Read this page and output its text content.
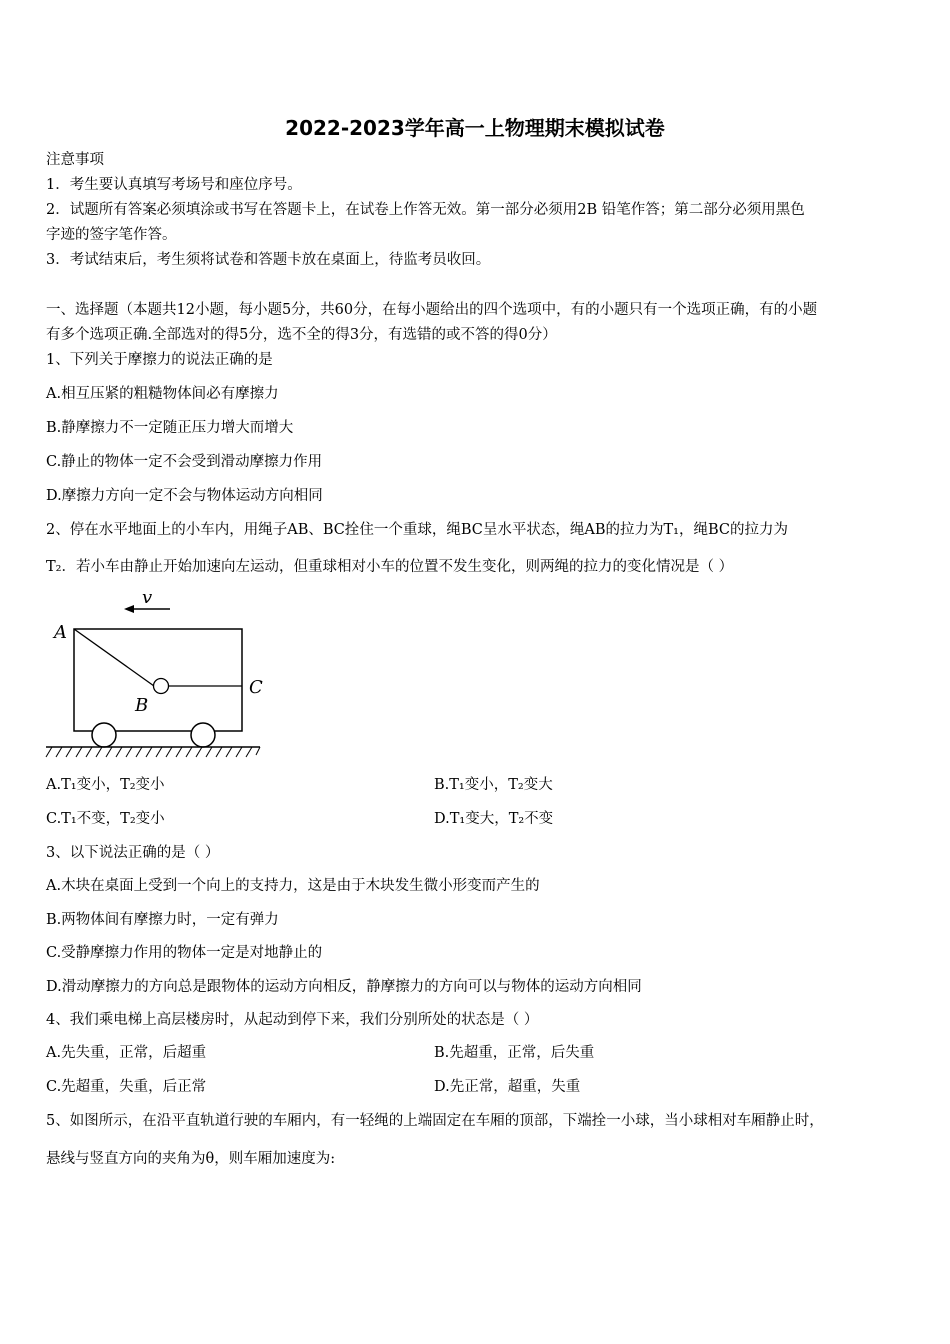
2022-2023学年高一上物理期末模拟试卷
注意事项
1．考生要认真填写考场号和座位序号。
2．试题所有答案必须填涂或书写在答题卡上，在试卷上作答无效。第一部分必须用2B 铅笔作答；第二部分必须用黑色
字迹的签字笔作答。
3．考试结束后，考生须将试卷和答题卡放在桌面上，待监考员收回。
一、选择题（本题共12小题，每小题5分，共60分，在每小题给出的四个选项中，有的小题只有一个选项正确，有的小题
有多个选项正确.全部选对的得5分，选不全的得3分，有选错的或不答的得0分）
1、下列关于摩擦力的说法正确的是
A.相互压紧的粗糙物体间必有摩擦力
B.静摩擦力不一定随正压力增大而增大
C.静止的物体一定不会受到滑动摩擦力作用
D.摩擦力方向一定不会与物体运动方向相同
2、停在水平地面上的小车内，用绳子AB、BC拴住一个重球，绳BC呈水平状态，绳AB的拉力为T₁，绳BC的拉力为
T₂．若小车由静止开始加速向左运动，但重球相对小车的位置不发生变化，则两绳的拉力的变化情况是（ ）
v
A
B
C
A.T₁变小，T₂变小	B.T₁变小，T₂变大
C.T₁不变，T₂变小	D.T₁变大，T₂不变
3、以下说法正确的是（ ）
A.木块在桌面上受到一个向上的支持力，这是由于木块发生微小形变而产生的
B.两物体间有摩擦力时，一定有弹力
C.受静摩擦力作用的物体一定是对地静止的
D.滑动摩擦力的方向总是跟物体的运动方向相反，静摩擦力的方向可以与物体的运动方向相同
4、我们乘电梯上高层楼房时，从起动到停下来，我们分别所处的状态是（ ）
A.先失重，正常，后超重	B.先超重，正常，后失重
C.先超重，失重，后正常	D.先正常，超重，失重
5、如图所示，在沿平直轨道行驶的车厢内，有一轻绳的上端固定在车厢的顶部，下端拴一小球，当小球相对车厢静止时，
悬线与竖直方向的夹角为θ，则车厢加速度为:
